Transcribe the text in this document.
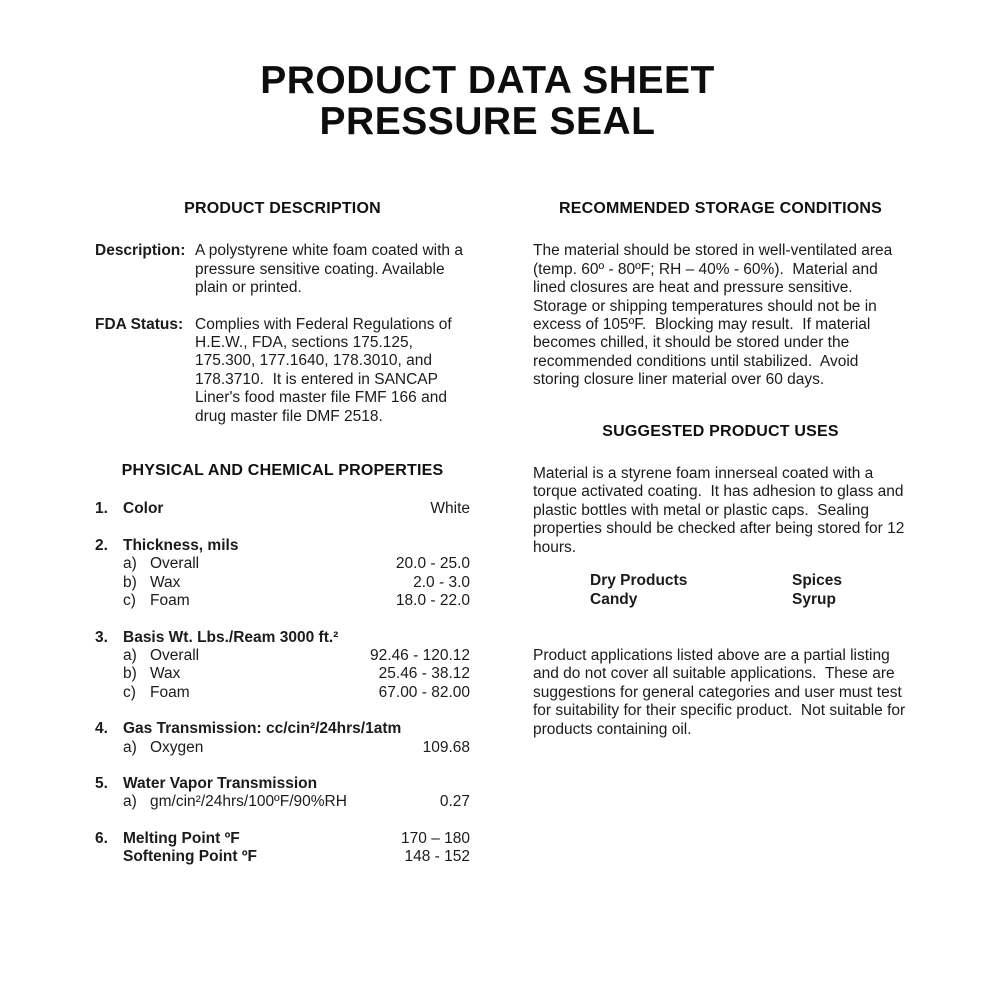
PRODUCT DATA SHEET
PRESSURE SEAL
PRODUCT DESCRIPTION
Description: A polystyrene white foam coated with a pressure sensitive coating. Available plain or printed.
FDA Status: Complies with Federal Regulations of H.E.W., FDA, sections 175.125, 175.300, 177.1640, 178.3010, and 178.3710.  It is entered in SANCAP Liner's food master file FMF 166 and drug master file DMF 2518.
PHYSICAL AND CHEMICAL PROPERTIES
1. Color	White
2. Thickness, mils
a) Overall	20.0 - 25.0
b) Wax	2.0 - 3.0
c) Foam	18.0 - 22.0
3. Basis Wt. Lbs./Ream 3000 ft.²
a) Overall	92.46 - 120.12
b) Wax	25.46 - 38.12
c) Foam	67.00 - 82.00
4. Gas Transmission: cc/cin²/24hrs/1atm
a) Oxygen	109.68
5. Water Vapor Transmission
a) gm/cin²/24hrs/100ºF/90%RH	0.27
6. Melting Point ºF	170 – 180
Softening Point ºF	148 - 152
RECOMMENDED STORAGE CONDITIONS

The material should be stored in well-ventilated area (temp. 60º - 80ºF; RH – 40% - 60%).  Material and lined closures are heat and pressure sensitive.  Storage or shipping temperatures should not be in excess of 105ºF.  Blocking may result.  If material becomes chilled, it should be stored under the recommended conditions until stabilized.  Avoid storing closure liner material over 60 days.

SUGGESTED PRODUCT USES

Material is a styrene foam innerseal coated with a torque activated coating.  It has adhesion to glass and plastic bottles with metal or plastic caps.  Sealing properties should be checked after being stored for 12 hours.

Dry Products	Spices
Candy	Syrup

Product applications listed above are a partial listing and do not cover all suitable applications.  These are suggestions for general categories and user must test for suitability for their specific product.  Not suitable for products containing oil.
